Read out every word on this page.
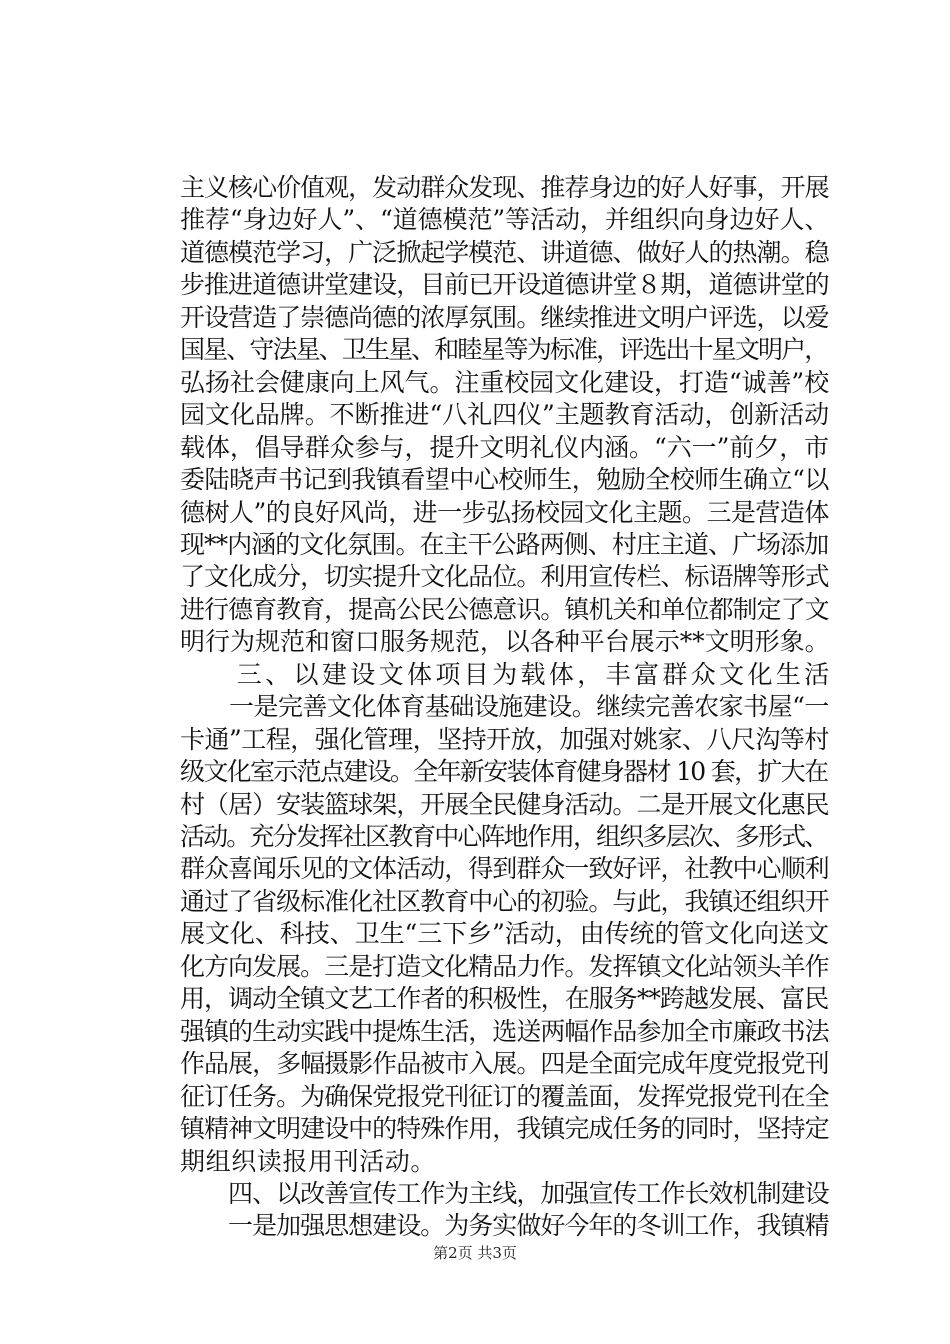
主义核心价值观，发动群众发现、推荐身边的好人好事，开展
推荐“身边好人”、“道德模范”等活动，并组织向身边好人、
道德模范学习，广泛掀起学模范、讲道德、做好人的热潮。稳
步推进道德讲堂建设，目前已开设道德讲堂８期，道德讲堂的
开设营造了崇德尚德的浓厚氛围。继续推进文明户评选，以爱
国星、守法星、卫生星、和睦星等为标准，评选出十星文明户，
弘扬社会健康向上风气。注重校园文化建设，打造“诚善”校
园文化品牌。不断推进“八礼四仪”主题教育活动，创新活动
载体，倡导群众参与，提升文明礼仪内涵。“六一”前夕，市
委陆晓声书记到我镇看望中心校师生，勉励全校师生确立“以
德树人”的良好风尚，进一步弘扬校园文化主题。三是营造体
现**内涵的文化氛围。在主干公路两侧、村庄主道、广场添加
了文化成分，切实提升文化品位。利用宣传栏、标语牌等形式
进行德育教育，提高公民公德意识。镇机关和单位都制定了文
明行为规范和窗口服务规范，以各种平台展示**文明形象。
　　三、以建设文体项目为载体，丰富群众文化生活
　　一是完善文化体育基础设施建设。继续完善农家书屋“一
卡通”工程，强化管理，坚持开放，加强对姚家、八尺沟等村
级文化室示范点建设。全年新安装体育健身器材 10 套，扩大在
村（居）安装篮球架，开展全民健身活动。二是开展文化惠民
活动。充分发挥社区教育中心阵地作用，组织多层次、多形式、
群众喜闻乐见的文体活动，得到群众一致好评，社教中心顺利
通过了省级标准化社区教育中心的初验。与此，我镇还组织开
展文化、科技、卫生“三下乡”活动，由传统的管文化向送文
化方向发展。三是打造文化精品力作。发挥镇文化站领头羊作
用，调动全镇文艺工作者的积极性，在服务**跨越发展、富民
强镇的生动实践中提炼生活，选送两幅作品参加全市廉政书法
作品展，多幅摄影作品被市入展。四是全面完成年度党报党刊
征订任务。为确保党报党刊征订的覆盖面，发挥党报党刊在全
镇精神文明建设中的特殊作用，我镇完成任务的同时，坚持定
期组织读报用刊活动。
　　四、以改善宣传工作为主线，加强宣传工作长效机制建设
　　一是加强思想建设。为务实做好今年的冬训工作，我镇精
第2页 共3页
